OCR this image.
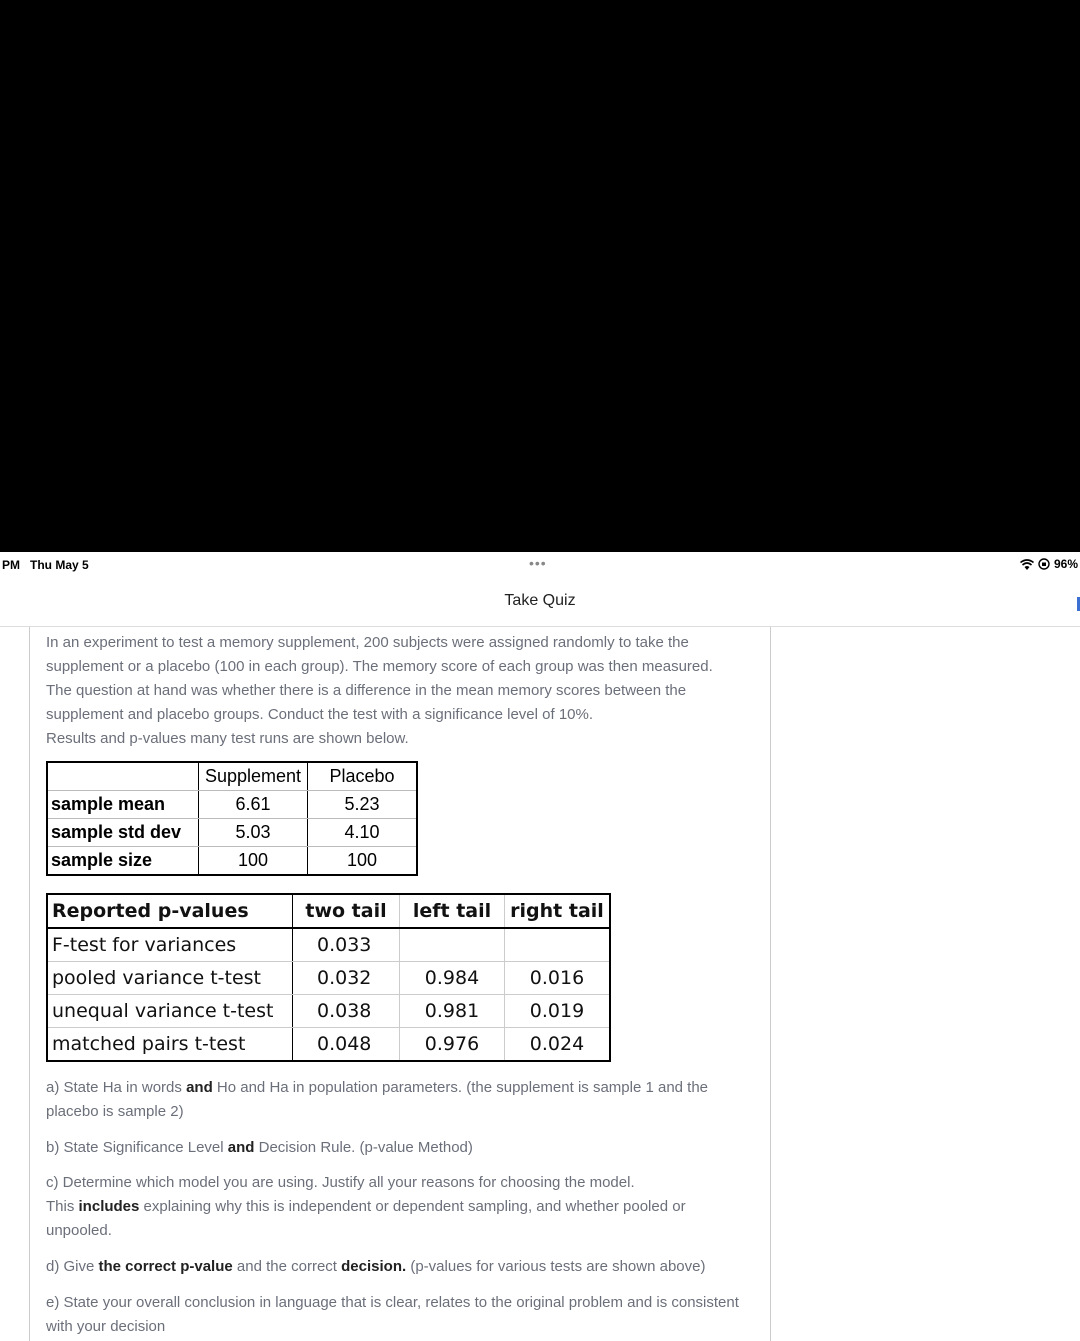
PM Thu May 5	•••	96%
Take Quiz
In an experiment to test a memory supplement, 200 subjects were assigned randomly to take the
supplement or a placebo (100 in each group). The memory score of each group was then measured.
The question at hand was whether there is a difference in the mean memory scores between the
supplement and placebo groups. Conduct the test with a significance level of 10%.
Results and p-values many test runs are shown below.
	Supplement	Placebo
sample mean	6.61	5.23
sample std dev	5.03	4.10
sample size	100	100
Reported p-values	two tail	left tail	right tail
F-test for variances	0.033		
pooled variance t-test	0.032	0.984	0.016
unequal variance t-test	0.038	0.981	0.019
matched pairs t-test	0.048	0.976	0.024
a) State Ha in words and Ho and Ha in population parameters. (the supplement is sample 1 and the placebo is sample 2)
b) State Significance Level and Decision Rule. (p-value Method)
c) Determine which model you are using. Justify all your reasons for choosing the model.
This includes explaining why this is independent or dependent sampling, and whether pooled or unpooled.
d) Give the correct p-value and the correct decision. (p-values for various tests are shown above)
e) State your overall conclusion in language that is clear, relates to the original problem and is consistent with your decision
